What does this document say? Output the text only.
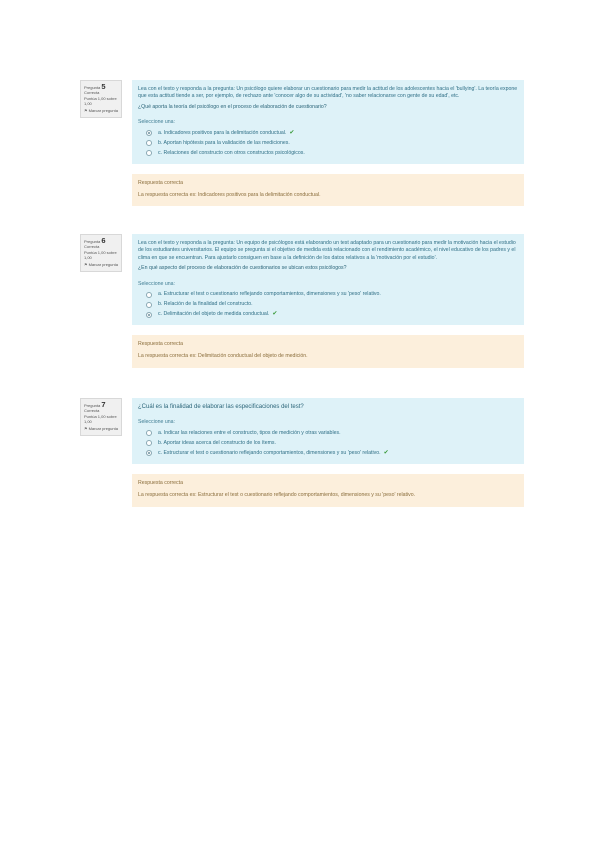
Pregunta 5
Correcta
Puntúa 1,00 sobre 1,00
⚑ Marcar pregunta

Lea con el texto y responda a la pregunta: Un psicólogo quiere elaborar un cuestionario para medir la actitud de los adolescentes hacia el 'bullying'. La teoría expone que esta actitud tiende a ser, por ejemplo, de rechazo ante 'conocer algo de su actividad', 'no saber relacionarse con gente de su edad', etc.

¿Qué aporta la teoría del psicólogo en el proceso de elaboración de cuestionario?

Seleccione una:

a. Indicadores positivos para la delimitación conductual. ✔
b. Aportan hipótesis para la validación de las mediciones.
c. Relaciones del constructo con otros constructos psicológicos.

Respuesta correcta

La respuesta correcta es: Indicadores positivos para la delimitación conductual.

Pregunta 6
Correcta
Puntúa 1,00 sobre 1,00
⚑ Marcar pregunta

Lea con el texto y responda a la pregunta: Un equipo de psicólogos está elaborando un test adaptado para un cuestionario para medir la motivación hacia el estudio de los estudiantes universitarios. El equipo se pregunta si el objetivo de medida está relacionado con el rendimiento académico, el nivel educativo de los padres y el clima en que se encuentran. Para ajustarlo consiguen en base a la definición de los datos relativos a la 'motivación por el estudio'.

¿En qué aspecto del proceso de elaboración de cuestionarios se ubican estos psicólogos?

Seleccione una:

a. Estructurar el test o cuestionario reflejando comportamientos, dimensiones y su 'peso' relativo.
b. Relación de la finalidad del constructo.
c. Delimitación del objeto de medida conductual. ✔

Respuesta correcta

La respuesta correcta es: Delimitación conductual del objeto de medición.

Pregunta 7
Correcta
Puntúa 1,00 sobre 1,00
⚑ Marcar pregunta

¿Cuál es la finalidad de elaborar las especificaciones del test?

Seleccione una:

a. Indicar las relaciones entre el constructo, tipos de medición y otras variables.
b. Aportar ideas acerca del constructo de los ítems.
c. Estructurar el test o cuestionario reflejando comportamientos, dimensiones y su 'peso' relativo. ✔

Respuesta correcta

La respuesta correcta es: Estructurar el test o cuestionario reflejando comportamientos, dimensiones y su 'peso' relativo.
